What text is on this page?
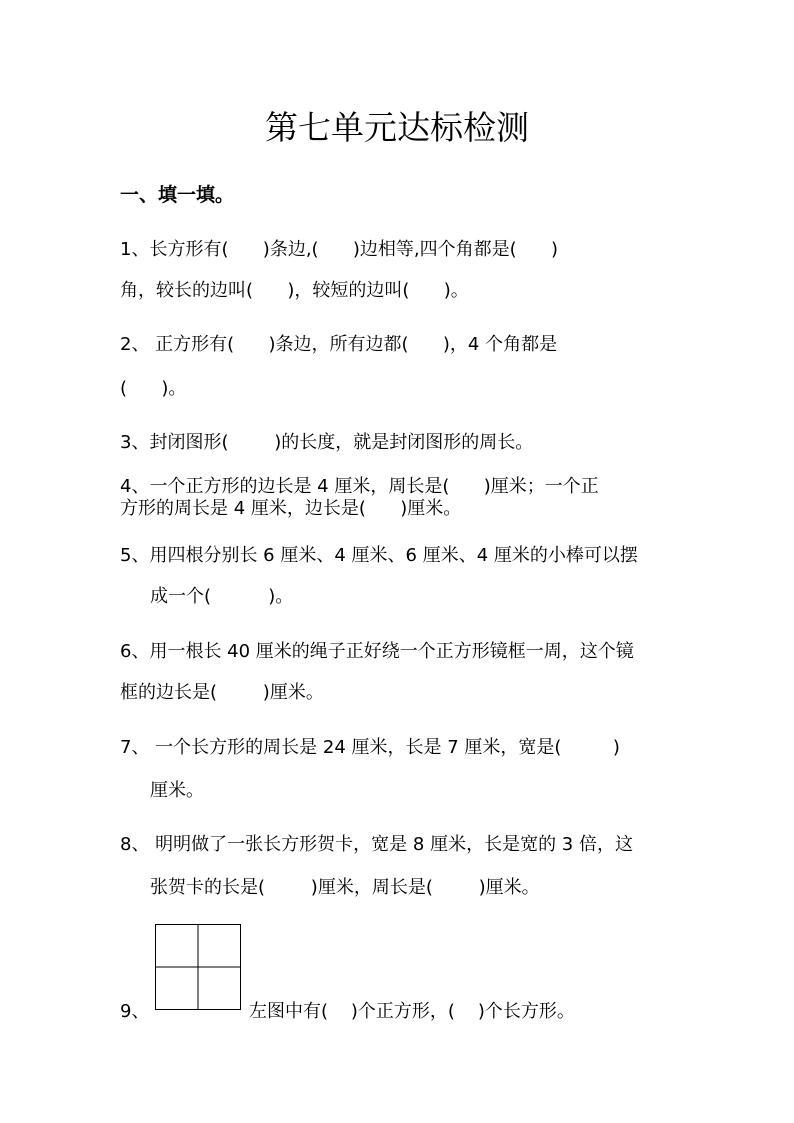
第七单元达标检测
一、填一填。
1、长方形有(      )条边,(      )边相等,四个角都是(      )
角，较长的边叫(      )，较短的边叫(      )。
2、 正方形有(      )条边，所有边都(      )，4 个角都是
(      )。
3、封闭图形(        )的长度，就是封闭图形的周长。
4、一个正方形的边长是 4 厘米，周长是(      )厘米；一个正
方形的周长是 4 厘米，边长是(      )厘米。
5、用四根分别长 6 厘米、4 厘米、6 厘米、4 厘米的小棒可以摆
成一个(          )。
6、用一根长 40 厘米的绳子正好绕一个正方形镜框一周，这个镜
框的边长是(        )厘米。
7、 一个长方形的周长是 24 厘米，长是 7 厘米，宽是(         )
厘米。
8、 明明做了一张长方形贺卡，宽是 8 厘米，长是宽的 3 倍，这
张贺卡的长是(        )厘米，周长是(        )厘米。
9、	左图中有(    )个正方形，(    )个长方形。
